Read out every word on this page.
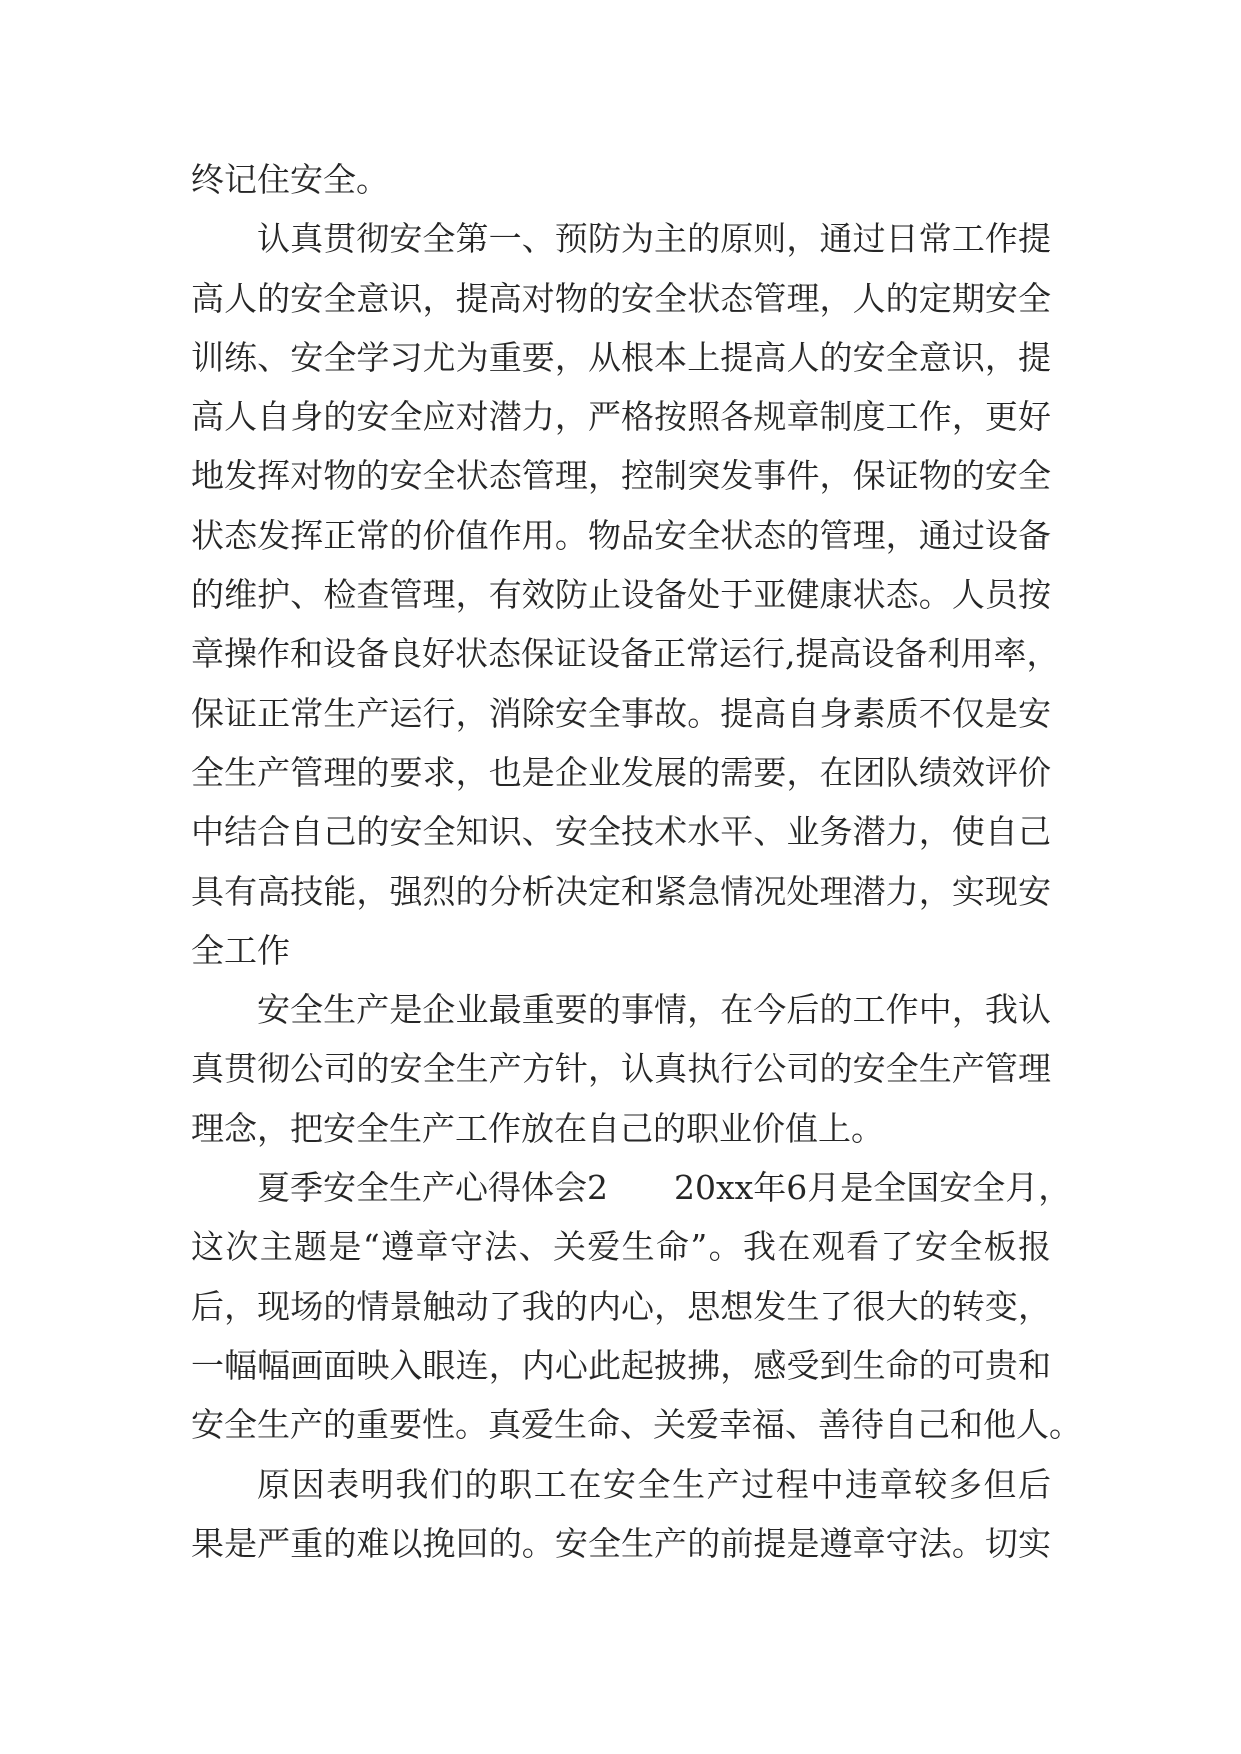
终记住安全。
认真贯彻安全第一、预防为主的原则，通过日常工作提
高人的安全意识，提高对物的安全状态管理，人的定期安全
训练、安全学习尤为重要，从根本上提高人的安全意识，提
高人自身的安全应对潜力，严格按照各规章制度工作，更好
地发挥对物的安全状态管理，控制突发事件，保证物的安全
状态发挥正常的价值作用。物品安全状态的管理，通过设备
的维护、检查管理，有效防止设备处于亚健康状态。人员按
章操作和设备良好状态保证设备正常运行,提高设备利用率，
保证正常生产运行，消除安全事故。提高自身素质不仅是安
全生产管理的要求，也是企业发展的需要，在团队绩效评价
中结合自己的安全知识、安全技术水平、业务潜力，使自己
具有高技能，强烈的分析决定和紧急情况处理潜力，实现安
全工作
安全生产是企业最重要的事情，在今后的工作中，我认
真贯彻公司的安全生产方针，认真执行公司的安全生产管理
理念，把安全生产工作放在自己的职业价值上。
夏季安全生产心得体会2　　20xx年6月是全国安全月，
这次主题是“遵章守法、关爱生命”。我在观看了安全板报
后，现场的情景触动了我的内心，思想发生了很大的转变，
一幅幅画面映入眼连，内心此起披拂，感受到生命的可贵和
安全生产的重要性。真爱生命、关爱幸福、善待自己和他人。
原因表明我们的职工在安全生产过程中违章较多但后
果是严重的难以挽回的。安全生产的前提是遵章守法。切实
